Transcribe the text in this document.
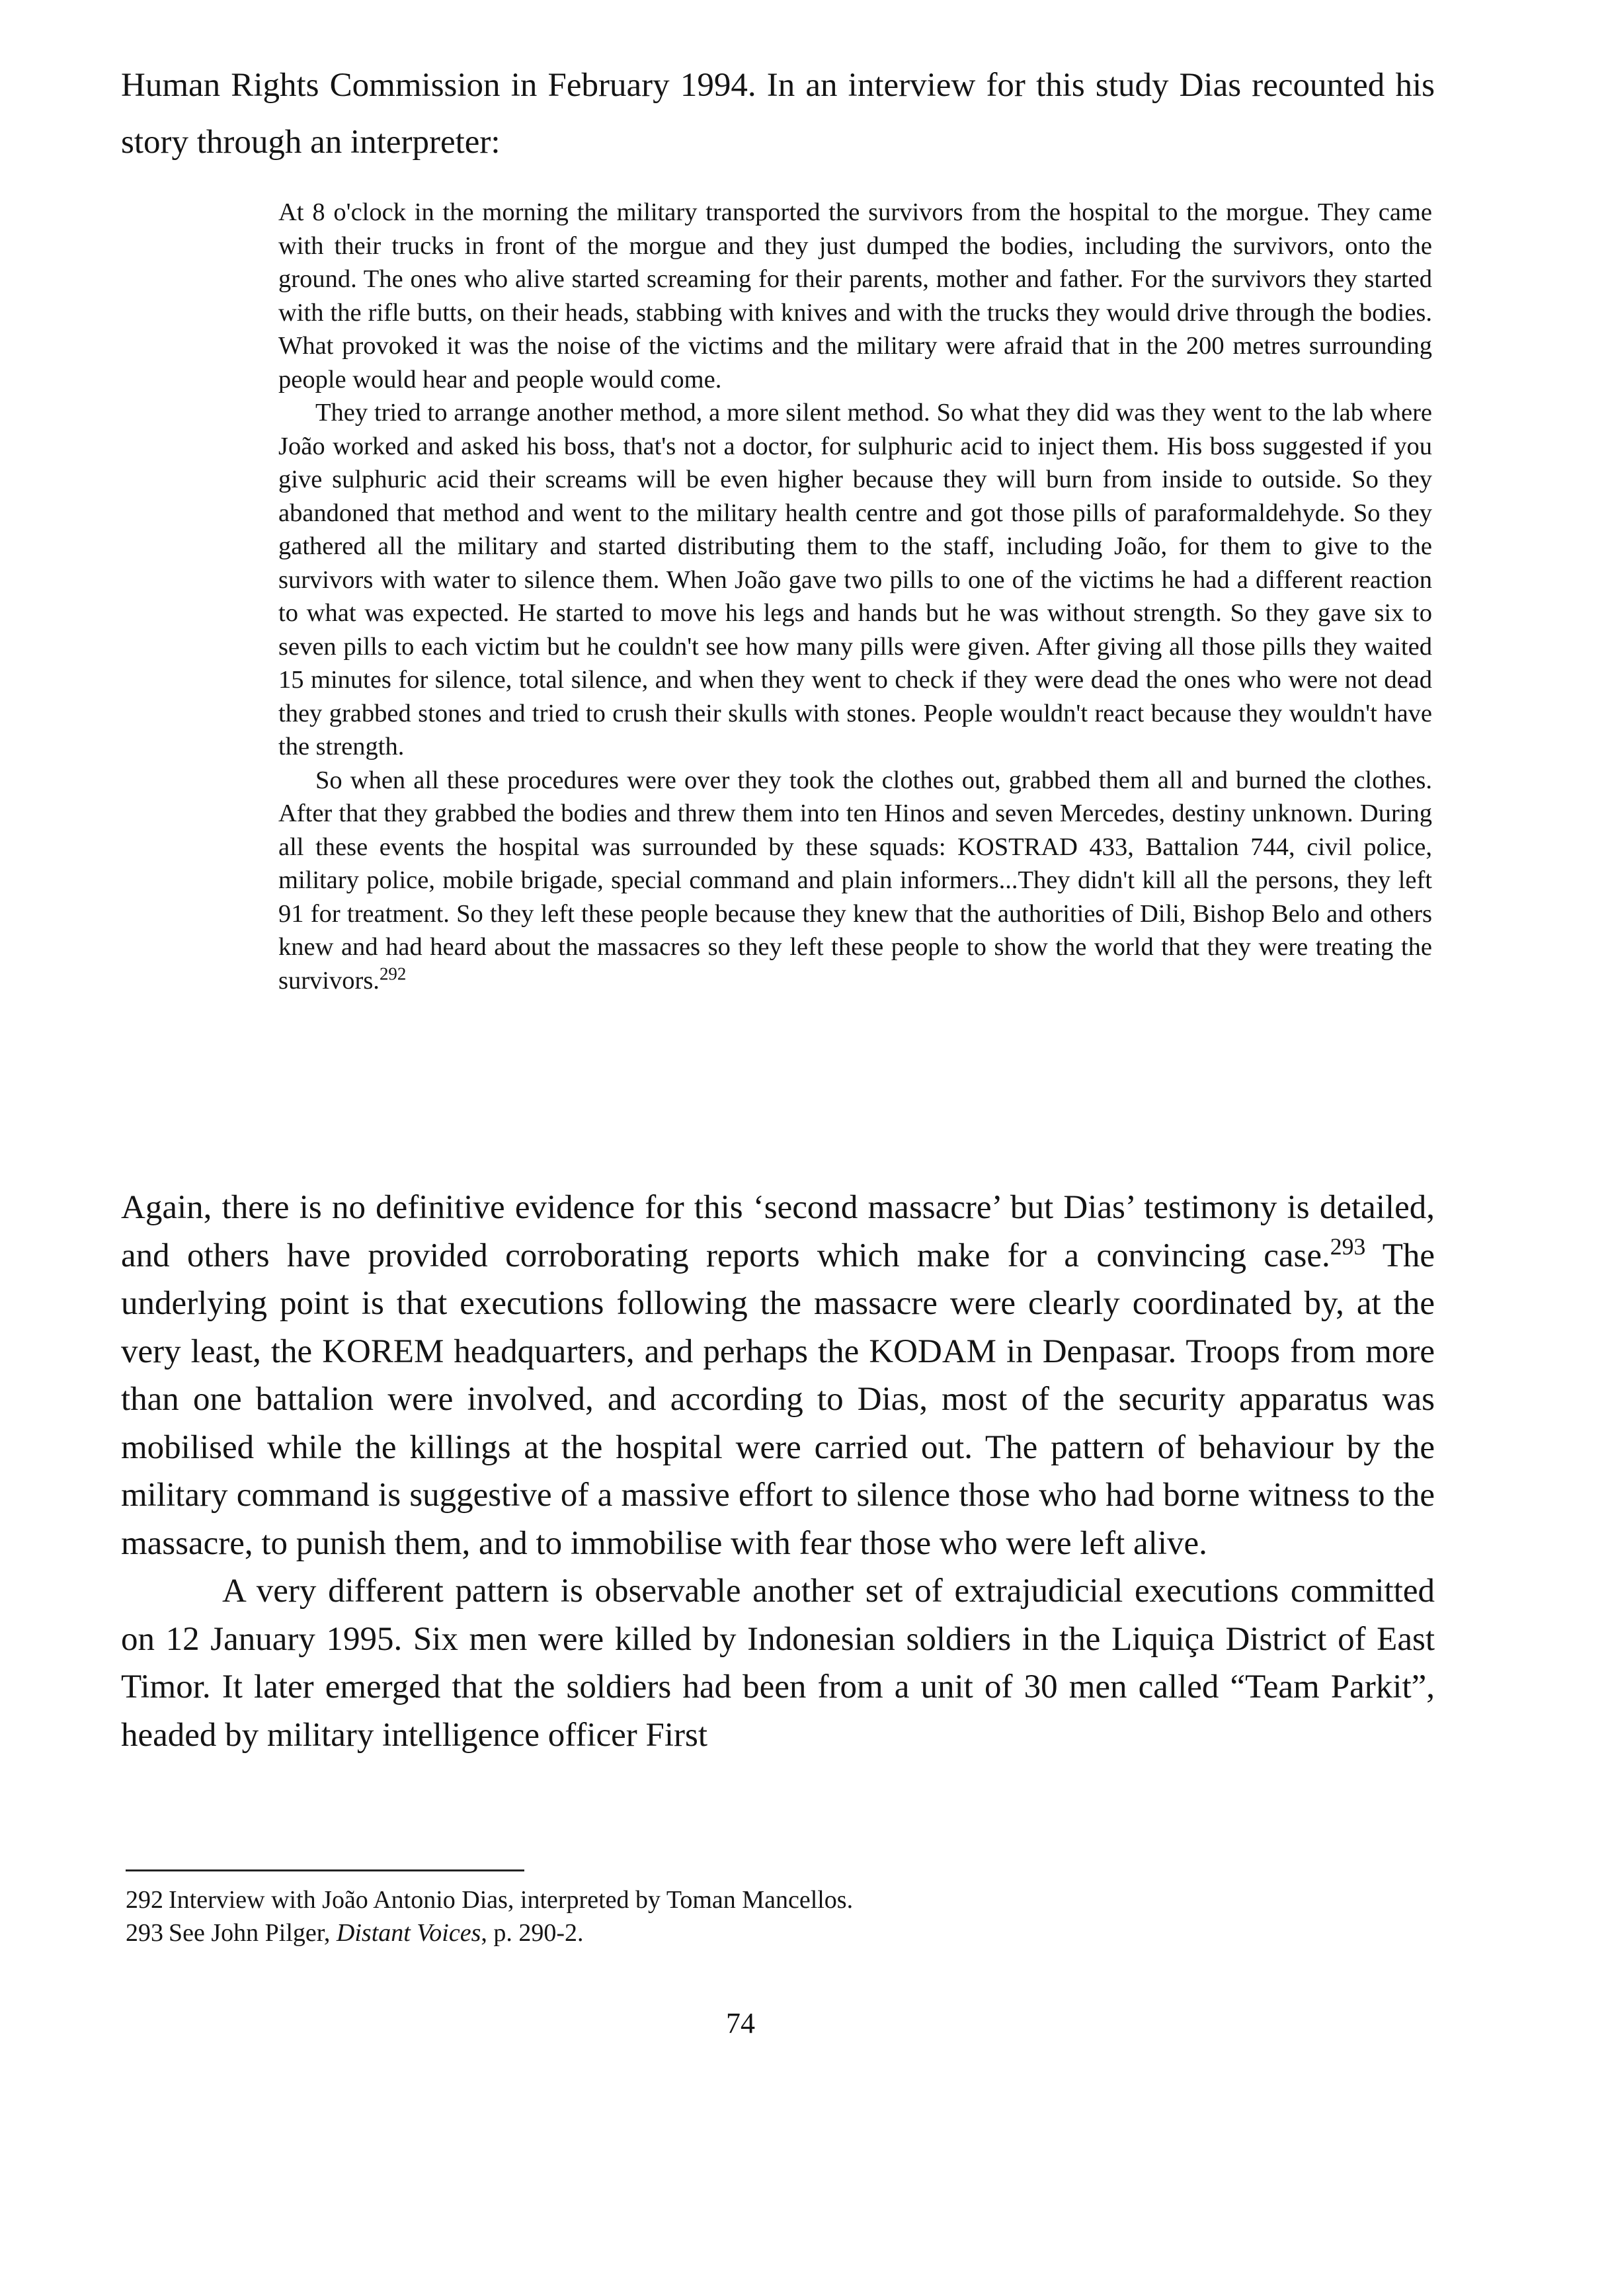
Human Rights Commission in February 1994. In an interview for this study Dias recounted his story through an interpreter:

At 8 o'clock in the morning the military transported the survivors from the hospital to the morgue. They came with their trucks in front of the morgue and they just dumped the bodies, including the survivors, onto the ground. The ones who alive started screaming for their parents, mother and father. For the survivors they started with the rifle butts, on their heads, stabbing with knives and with the trucks they would drive through the bodies. What provoked it was the noise of the victims and the military were afraid that in the 200 metres surrounding people would hear and people would come.

They tried to arrange another method, a more silent method. So what they did was they went to the lab where João worked and asked his boss, that's not a doctor, for sulphuric acid to inject them. His boss suggested if you give sulphuric acid their screams will be even higher because they will burn from inside to outside. So they abandoned that method and went to the military health centre and got those pills of paraformaldehyde. So they gathered all the military and started distributing them to the staff, including João, for them to give to the survivors with water to silence them. When João gave two pills to one of the victims he had a different reaction to what was expected. He started to move his legs and hands but he was without strength. So they gave six to seven pills to each victim but he couldn't see how many pills were given. After giving all those pills they waited 15 minutes for silence, total silence, and when they went to check if they were dead the ones who were not dead they grabbed stones and tried to crush their skulls with stones. People wouldn't react because they wouldn't have the strength.

So when all these procedures were over they took the clothes out, grabbed them all and burned the clothes. After that they grabbed the bodies and threw them into ten Hinos and seven Mercedes, destiny unknown. During all these events the hospital was surrounded by these squads: KOSTRAD 433, Battalion 744, civil police, military police, mobile brigade, special command and plain informers...They didn't kill all the persons, they left 91 for treatment. So they left these people because they knew that the authorities of Dili, Bishop Belo and others knew and had heard about the massacres so they left these people to show the world that they were treating the survivors.$^{292}$

Again, there is no definitive evidence for this ‘second massacre’ but Dias’ testimony is detailed, and others have provided corroborating reports which make for a convincing case.$^{293}$ The underlying point is that executions following the massacre were clearly coordinated by, at the very least, the KOREM headquarters, and perhaps the KODAM in Denpasar. Troops from more than one battalion were involved, and according to Dias, most of the security apparatus was mobilised while the killings at the hospital were carried out. The pattern of behaviour by the military command is suggestive of a massive effort to silence those who had borne witness to the massacre, to punish them, and to immobilise with fear those who were left alive.

A very different pattern is observable another set of extrajudicial executions committed on 12 January 1995. Six men were killed by Indonesian soldiers in the Liquiça District of East Timor. It later emerged that the soldiers had been from a unit of 30 men called “Team Parkit”, headed by military intelligence officer First

292 Interview with João Antonio Dias, interpreted by Toman Mancellos.

293 See John Pilger, Distant Voices, p. 290-2.

74
